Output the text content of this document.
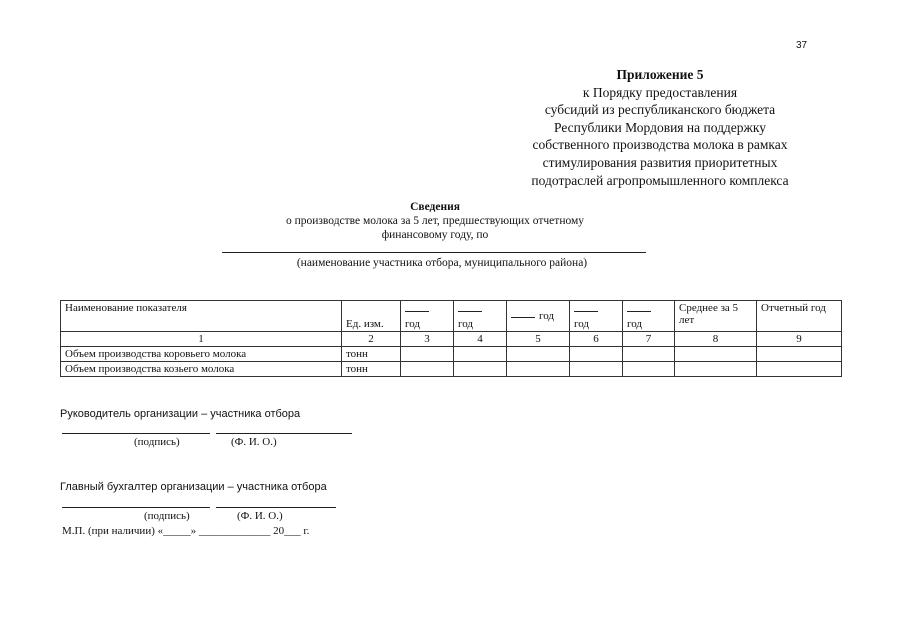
37
Приложение 5
к Порядку предоставления
субсидий из республиканского бюджета
Республики Мордовия на поддержку
собственного производства молока в рамках
стимулирования развития приоритетных
подотраслей агропромышленного комплекса
Сведения
о производстве молока за 5 лет, предшествующих отчетному
финансовому году, по
(наименование участника отбора, муниципального района)
Наименование показателя	Ед. изм.	год	год	год	год	год	Среднее за 5 лет	Отчетный год
1	2	3	4	5	6	7	8	9
Объем производства коровьего молока	тонн							
Объем производства козьего молока	тонн							
Руководитель организации – участника отбора
(подпись)	(Ф. И. О.)
Главный бухгалтер организации – участника отбора
(подпись)	(Ф. И. О.)
М.П. (при наличии) «_____» _____________ 20___ г.
